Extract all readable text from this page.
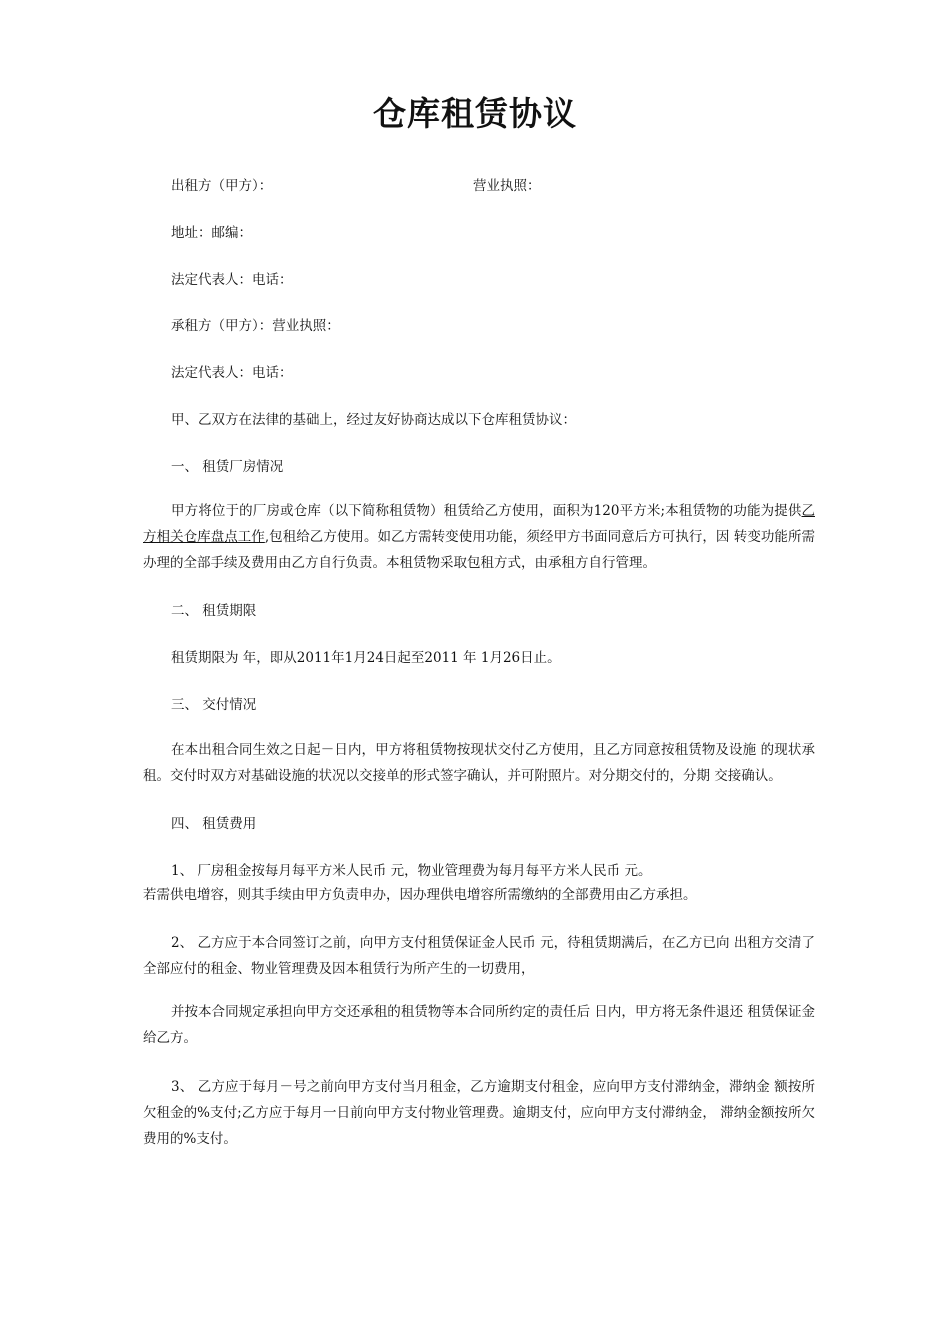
仓库租赁协议

出租方（甲方）：	营业执照：

地址：邮编：

法定代表人：电话：

承租方（甲方）：营业执照：

法定代表人：电话：

甲、乙双方在法律的基础上，经过友好协商达成以下仓库租赁协议：

一、 租赁厂房情况

甲方将位于的厂房或仓库（以下简称租赁物）租赁给乙方使用，面积为120平方米;本租赁物的功能为提供乙方相关仓库盘点工作,包租给乙方使用。如乙方需转变使用功能，须经甲方书面同意后方可执行，因 转变功能所需办理的全部手续及费用由乙方自行负责。本租赁物采取包租方式，由承租方自行管理。

二、 租赁期限

租赁期限为 年，即从2011年1月24日起至2011 年 1月26日止。

三、 交付情况

在本出租合同生效之日起－日内，甲方将租赁物按现状交付乙方使用，且乙方同意按租赁物及设施 的现状承租。交付时双方对基础设施的状况以交接单的形式签字确认，并可附照片。对分期交付的，分期 交接确认。

四、 租赁费用

1、 厂房租金按每月每平方米人民币 元，物业管理费为每月每平方米人民币 元。

若需供电增容，则其手续由甲方负责申办，因办理供电增容所需缴纳的全部费用由乙方承担。

2、 乙方应于本合同签订之前，向甲方支付租赁保证金人民币 元，待租赁期满后，在乙方已向 出租方交清了全部应付的租金、物业管理费及因本租赁行为所产生的一切费用，

并按本合同规定承担向甲方交还承租的租赁物等本合同所约定的责任后 日内，甲方将无条件退还 租赁保证金给乙方。

3、 乙方应于每月－号之前向甲方支付当月租金，乙方逾期支付租金，应向甲方支付滞纳金，滞纳金 额按所欠租金的%支付;乙方应于每月一日前向甲方支付物业管理费。逾期支付，应向甲方支付滞纳金， 滞纳金额按所欠费用的%支付。
